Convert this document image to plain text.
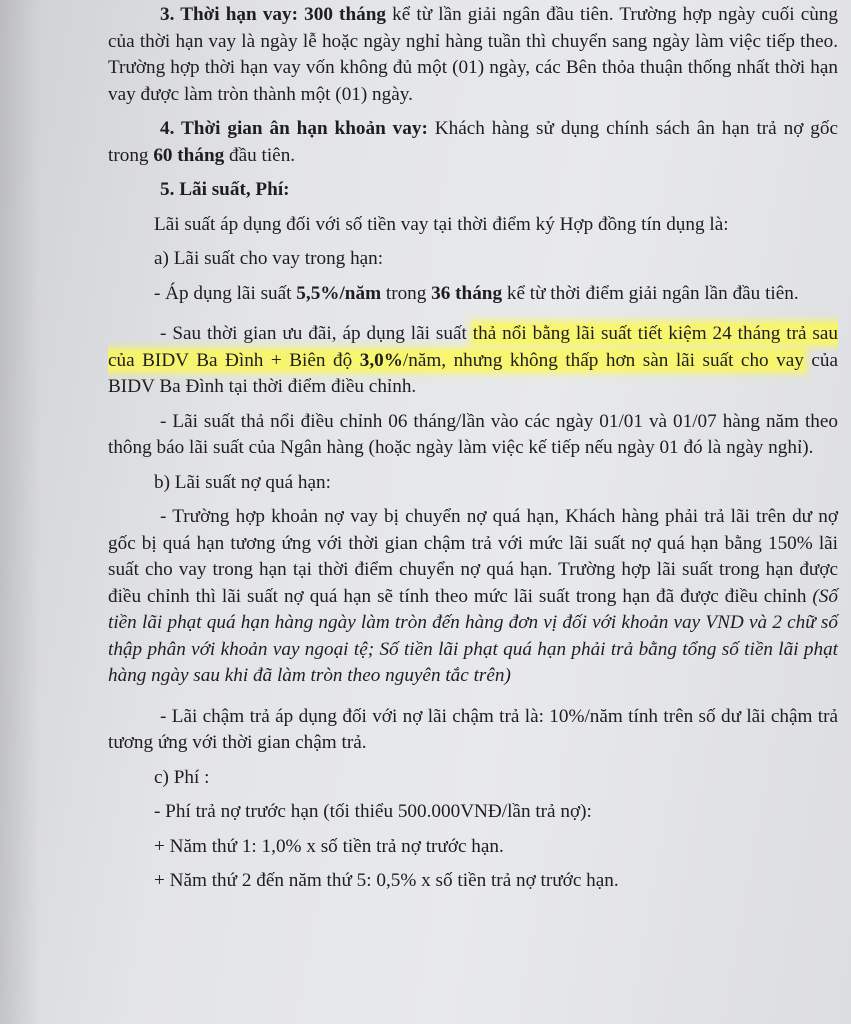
3. Thời hạn vay: 300 tháng kể từ lần giải ngân đầu tiên. Trường hợp ngày cuối cùng của thời hạn vay là ngày lễ hoặc ngày nghỉ hàng tuần thì chuyển sang ngày làm việc tiếp theo. Trường hợp thời hạn vay vốn không đủ một (01) ngày, các Bên thỏa thuận thống nhất thời hạn vay được làm tròn thành một (01) ngày.

4. Thời gian ân hạn khoản vay: Khách hàng sử dụng chính sách ân hạn trả nợ gốc trong 60 tháng đầu tiên.

5. Lãi suất, Phí:

Lãi suất áp dụng đối với số tiền vay tại thời điểm ký Hợp đồng tín dụng là:

a) Lãi suất cho vay trong hạn:

- Áp dụng lãi suất 5,5%/năm trong 36 tháng kể từ thời điểm giải ngân lần đầu tiên.

- Sau thời gian ưu đãi, áp dụng lãi suất thả nổi bằng lãi suất tiết kiệm 24 tháng trả sau của BIDV Ba Đình + Biên độ 3,0%/năm, nhưng không thấp hơn sàn lãi suất cho vay của BIDV Ba Đình tại thời điểm điều chỉnh.

- Lãi suất thả nổi điều chỉnh 06 tháng/lần vào các ngày 01/01 và 01/07 hàng năm theo thông báo lãi suất của Ngân hàng (hoặc ngày làm việc kế tiếp nếu ngày 01 đó là ngày nghỉ).

b) Lãi suất nợ quá hạn:

- Trường hợp khoản nợ vay bị chuyển nợ quá hạn, Khách hàng phải trả lãi trên dư nợ gốc bị quá hạn tương ứng với thời gian chậm trả với mức lãi suất nợ quá hạn bằng 150% lãi suất cho vay trong hạn tại thời điểm chuyển nợ quá hạn. Trường hợp lãi suất trong hạn được điều chỉnh thì lãi suất nợ quá hạn sẽ tính theo mức lãi suất trong hạn đã được điều chỉnh (Số tiền lãi phạt quá hạn hàng ngày làm tròn đến hàng đơn vị đối với khoản vay VND và 2 chữ số thập phân với khoản vay ngoại tệ; Số tiền lãi phạt quá hạn phải trả bằng tổng số tiền lãi phạt hàng ngày sau khi đã làm tròn theo nguyên tắc trên)

- Lãi chậm trả áp dụng đối với nợ lãi chậm trả là: 10%/năm tính trên số dư lãi chậm trả tương ứng với thời gian chậm trả.

c) Phí :

- Phí trả nợ trước hạn (tối thiểu 500.000VNĐ/lần trả nợ):

+ Năm thứ 1: 1,0% x số tiền trả nợ trước hạn.

+ Năm thứ 2 đến năm thứ 5: 0,5% x số tiền trả nợ trước hạn.
